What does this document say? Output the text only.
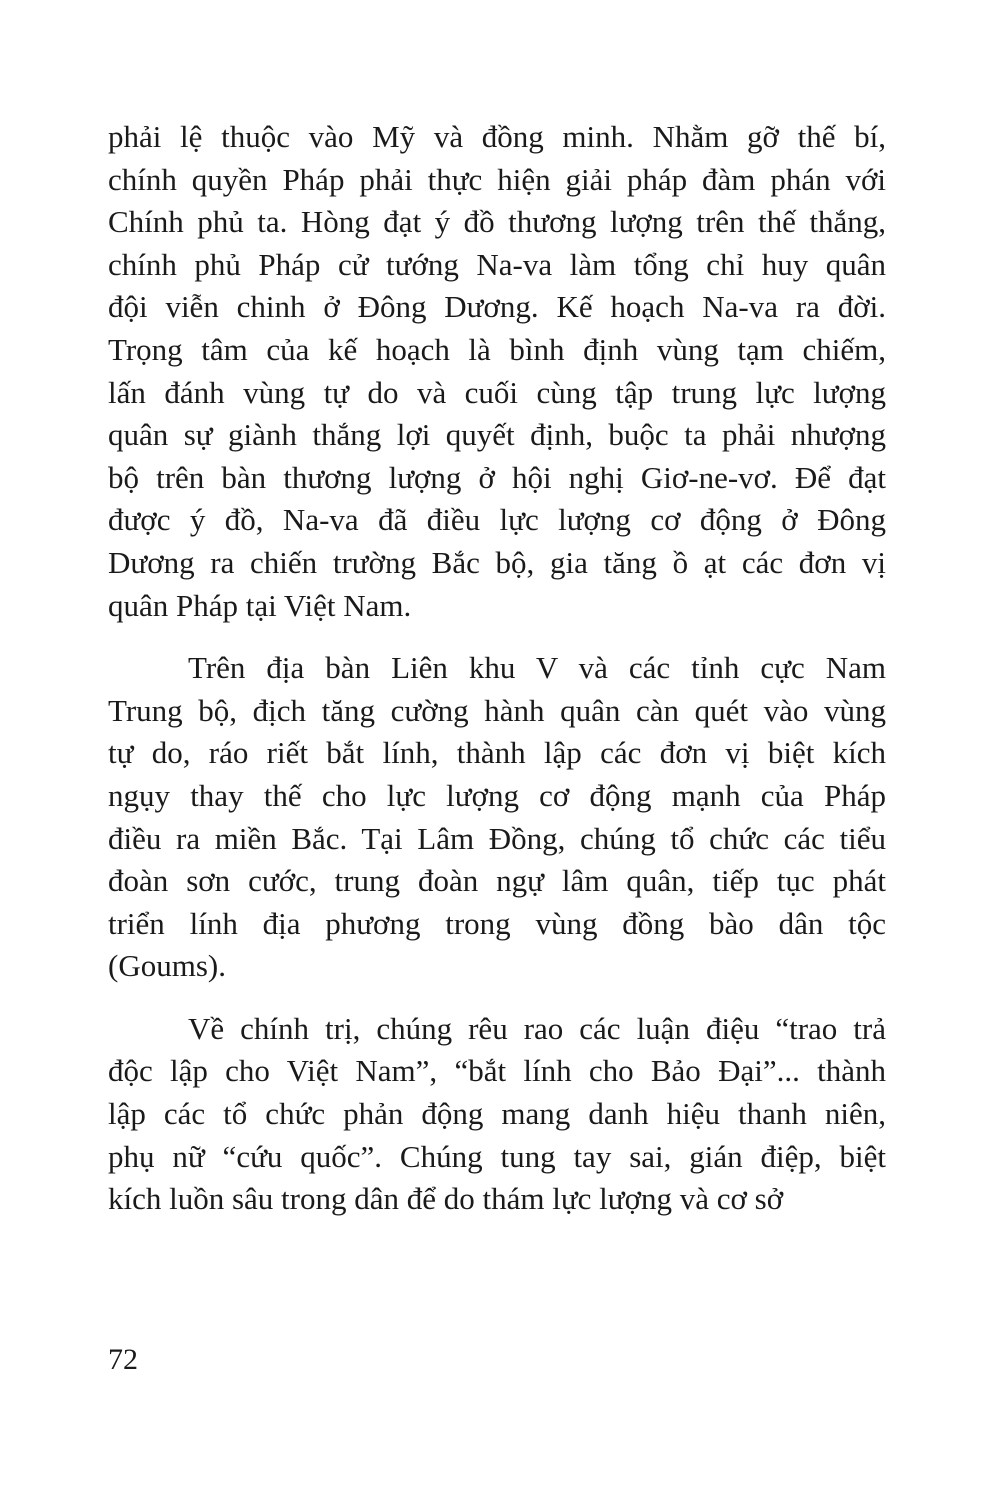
phải lệ thuộc vào Mỹ và đồng minh. Nhằm gỡ thế bí,
chính quyền Pháp phải thực hiện giải pháp đàm phán với
Chính phủ ta. Hòng đạt ý đồ thương lượng trên thế thắng,
chính phủ Pháp cử tướng Na-va làm tổng chỉ huy quân
đội viễn chinh ở Đông Dương. Kế hoạch Na-va ra đời.
Trọng tâm của kế hoạch là bình định vùng tạm chiếm,
lấn đánh vùng tự do và cuối cùng tập trung lực lượng
quân sự giành thắng lợi quyết định, buộc ta phải nhượng
bộ trên bàn thương lượng ở hội nghị Giơ-ne-vơ. Để đạt
được ý đồ, Na-va đã điều lực lượng cơ động ở Đông
Dương ra chiến trường Bắc bộ, gia tăng ồ ạt các đơn vị
quân Pháp tại Việt Nam.

Trên địa bàn Liên khu V và các tỉnh cực Nam
Trung bộ, địch tăng cường hành quân càn quét vào vùng
tự do, ráo riết bắt lính, thành lập các đơn vị biệt kích
ngụy thay thế cho lực lượng cơ động mạnh của Pháp
điều ra miền Bắc. Tại Lâm Đồng, chúng tổ chức các tiểu
đoàn sơn cước, trung đoàn ngự lâm quân, tiếp tục phát
triển lính địa phương trong vùng đồng bào dân tộc
(Goums).

Về chính trị, chúng rêu rao các luận điệu “trao trả
độc lập cho Việt Nam”, “bắt lính cho Bảo Đại”... thành
lập các tổ chức phản động mang danh hiệu thanh niên,
phụ nữ “cứu quốc”. Chúng tung tay sai, gián điệp, biệt
kích luồn sâu trong dân để do thám lực lượng và cơ sở

72
